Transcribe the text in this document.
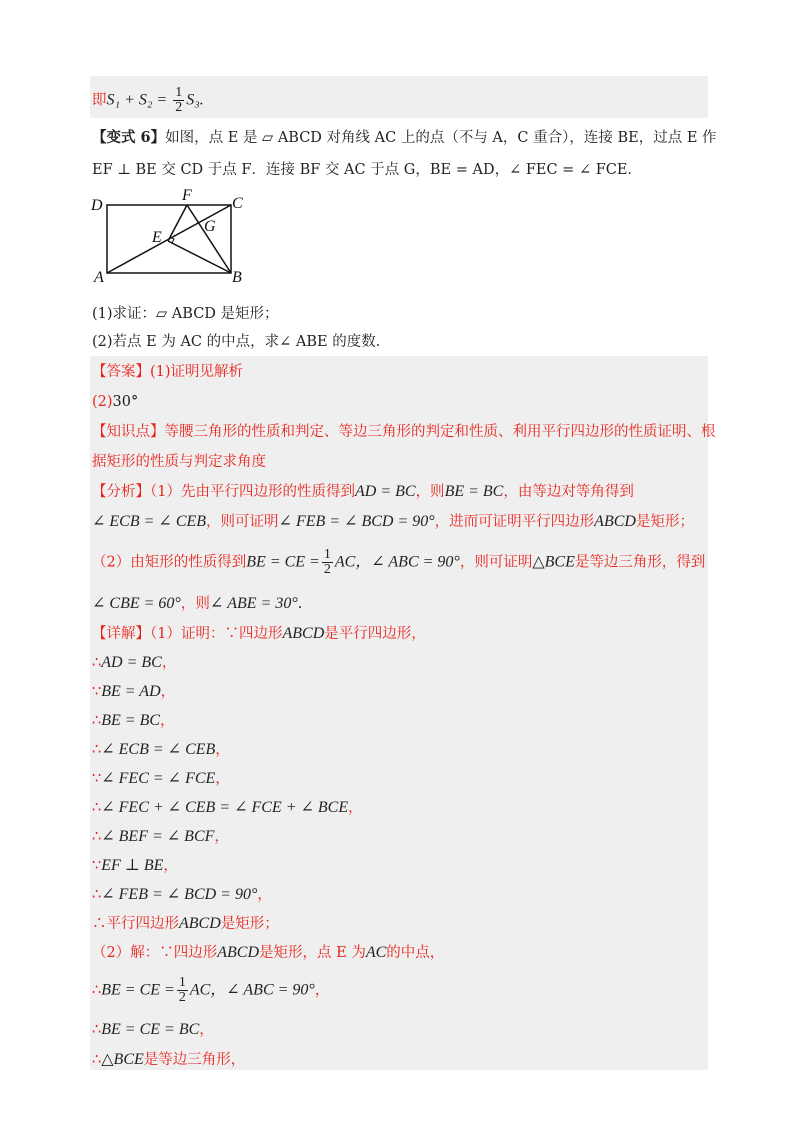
即$S_1 + S_2 = \frac{1}{2} S_3$.
【变式 6】如图，点 E 是 ▱ ABCD 对角线 AC 上的点（不与 A，C 重合），连接 BE，过点 E 作
EF ⊥ BE 交 CD 于点 F．连接 BF 交 AC 于点 G，BE = AD，∠ FEC = ∠ FCE．
D
F	C
G
E
A	B
(1)求证：▱ ABCD 是矩形；
(2)若点 E 为 AC 的中点，求∠ ABE 的度数．
【答案】(1)证明见解析
(2)30°
【知识点】等腰三角形的性质和判定、等边三角形的判定和性质、利用平行四边形的性质证明、根
据矩形的性质与判定求角度
【分析】（1）先由平行四边形的性质得到AD = BC，则BE = BC，由等边对等角得到
∠ ECB = ∠ CEB，则可证明∠ FEB = ∠ BCD = 90°，进而可证明平行四边形ABCD是矩形；
（2）由矩形的性质得到BE = CE = $\frac{1}{2}$ AC，∠ ABC = 90°，则可证明△BCE是等边三角形，得到
∠ CBE = 60°，则∠ ABE = 30°.
【详解】（1）证明：∵四边形ABCD是平行四边形，
∴AD = BC，
∵BE = AD，
∴BE = BC，
∴∠ ECB = ∠ CEB，
∵∠ FEC = ∠ FCE，
∴∠ FEC + ∠ CEB = ∠ FCE + ∠ BCE，
∴∠ BEF = ∠ BCF，
∵EF ⊥ BE，
∴∠ FEB = ∠ BCD = 90°，
∴平行四边形ABCD是矩形；
（2）解：∵四边形ABCD是矩形，点 E 为AC的中点，
∴BE = CE = $\frac{1}{2}$ AC，∠ ABC = 90°，
∴BE = CE = BC，
∴△BCE是等边三角形，
